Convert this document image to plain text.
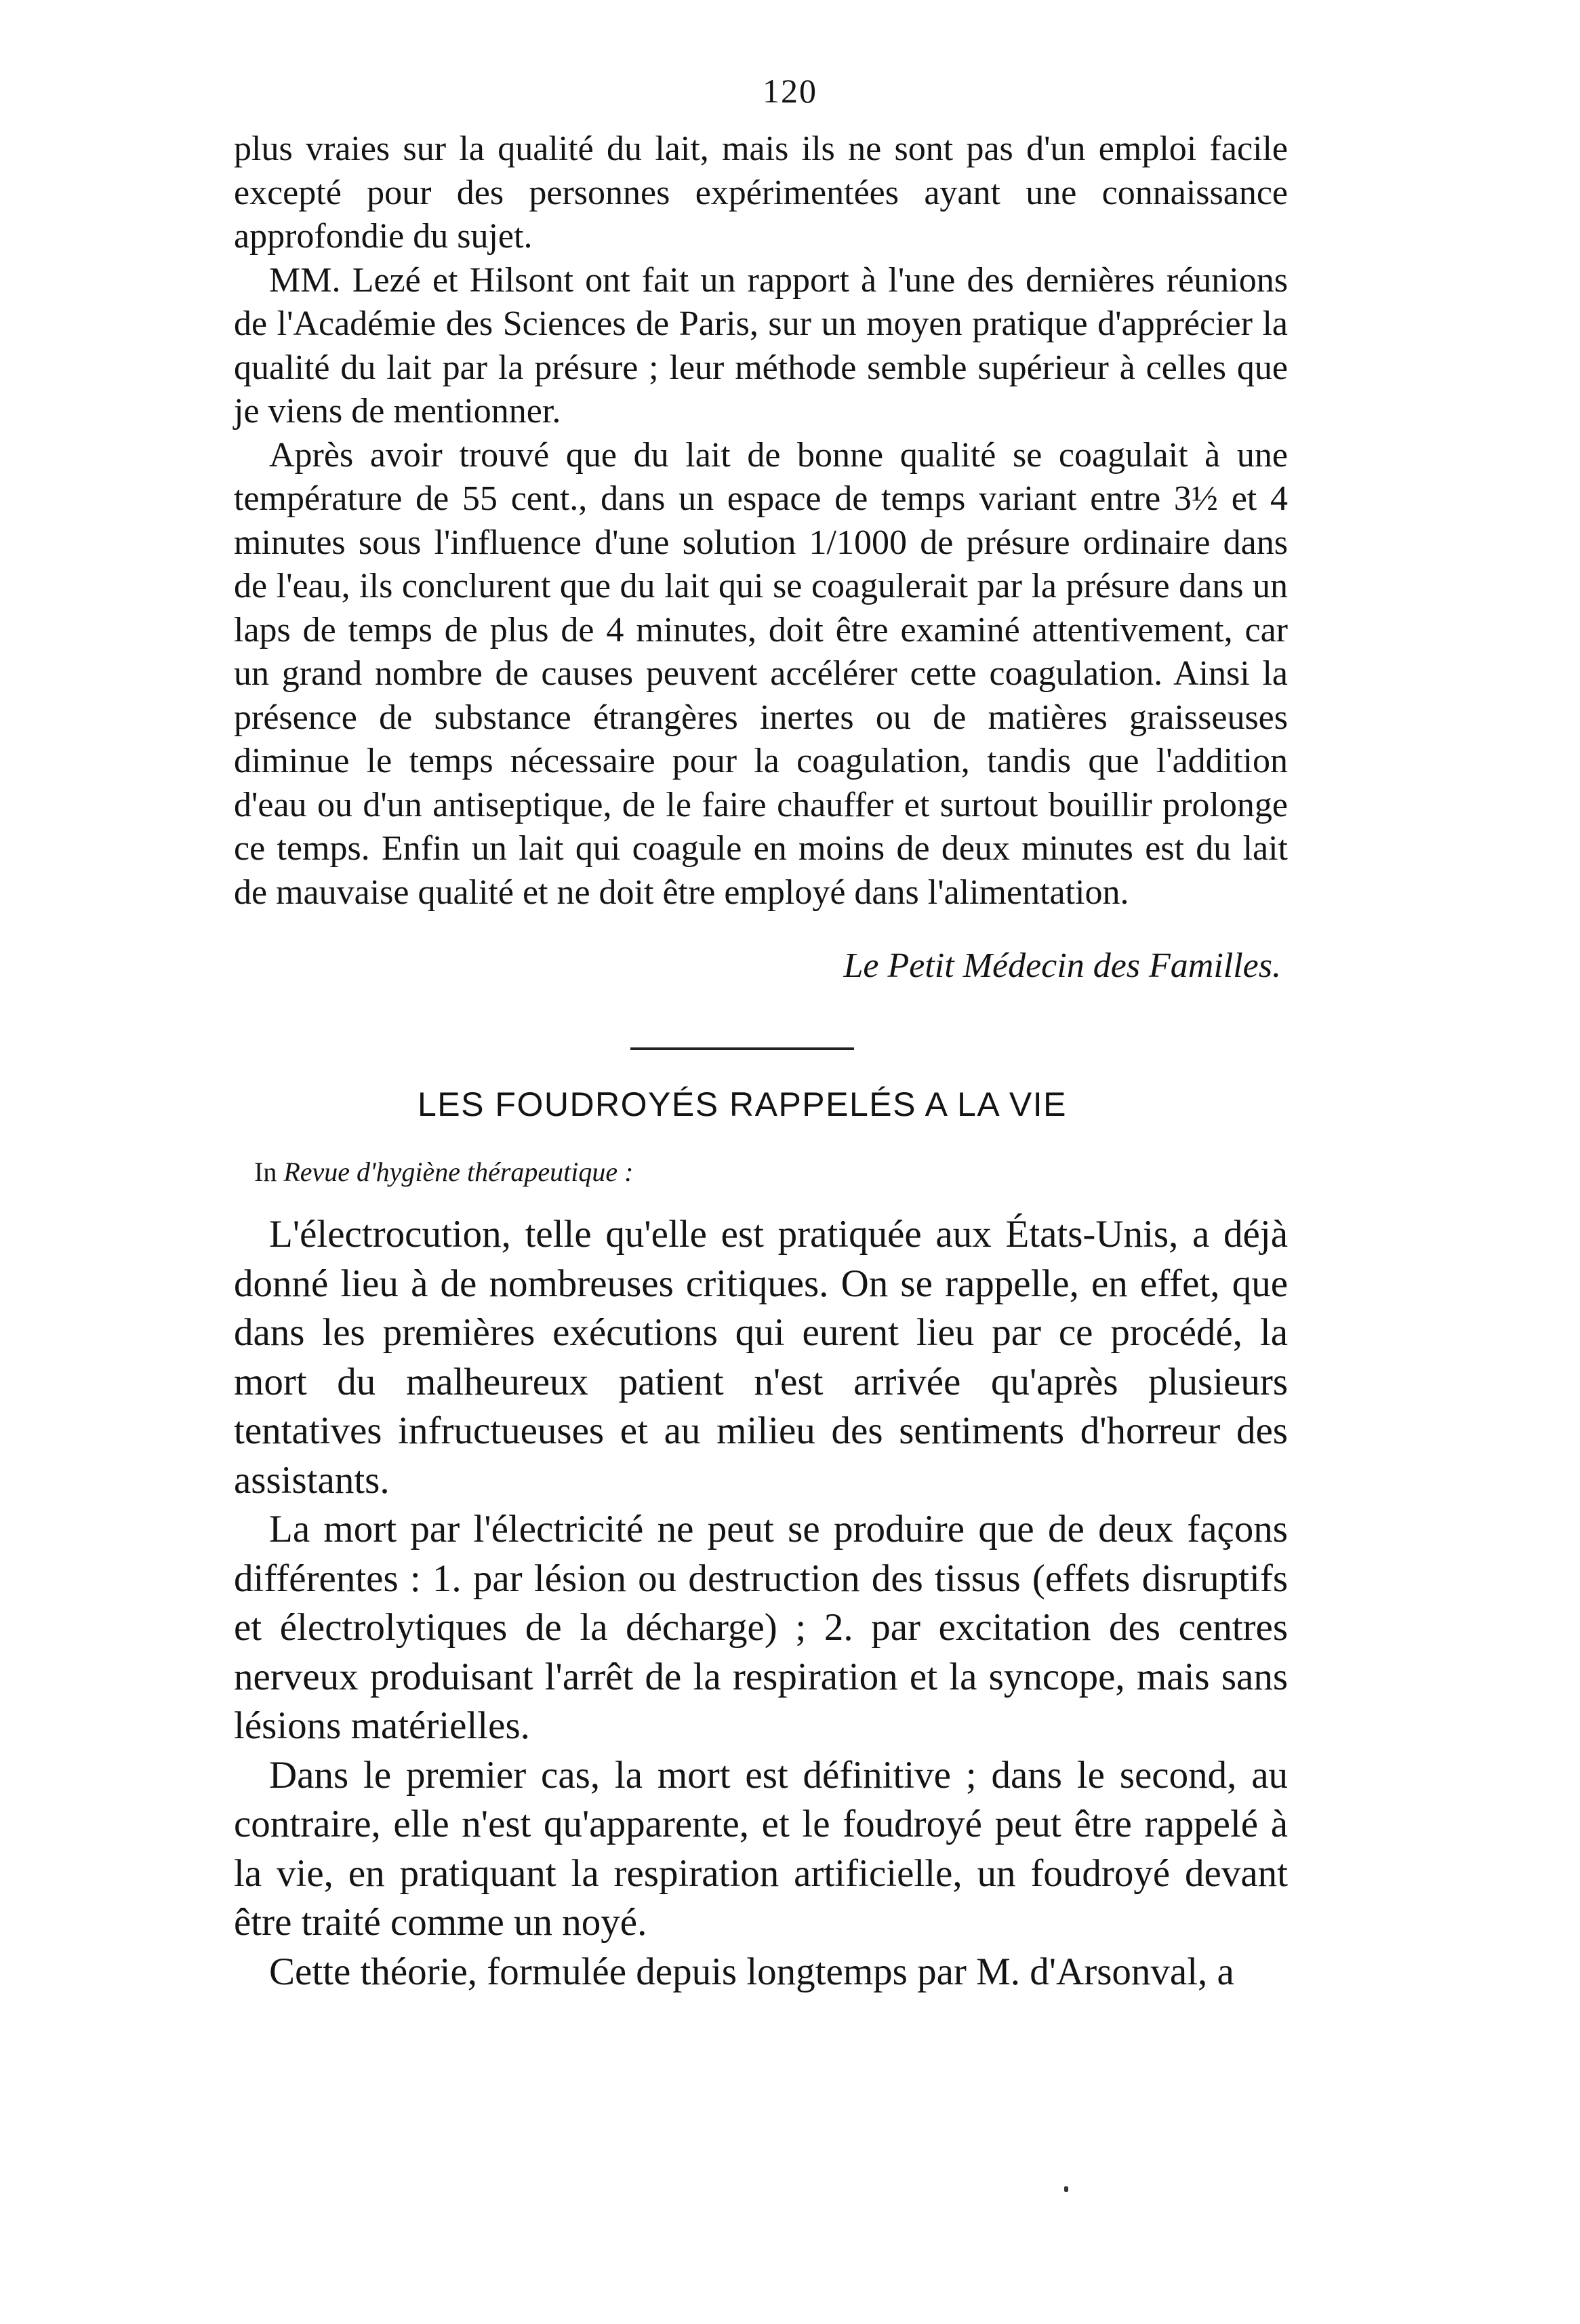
120

plus vraies sur la qualité du lait, mais ils ne sont pas d'un emploi facile excepté pour des personnes expérimentées ayant une connaissance approfondie du sujet.

MM. Lezé et Hilsont ont fait un rapport à l'une des dernières réunions de l'Académie des Sciences de Paris, sur un moyen pratique d'apprécier la qualité du lait par la présure ; leur méthode semble supérieur à celles que je viens de mentionner.

Après avoir trouvé que du lait de bonne qualité se coagulait à une température de 55 cent., dans un espace de temps variant entre 3½ et 4 minutes sous l'influence d'une solution 1/1000 de présure ordinaire dans de l'eau, ils conclurent que du lait qui se coagulerait par la présure dans un laps de temps de plus de 4 minutes, doit être examiné attentivement, car un grand nombre de causes peuvent accélérer cette coagulation. Ainsi la présence de substance étrangères inertes ou de matières graisseuses diminue le temps nécessaire pour la coagulation, tandis que l'addition d'eau ou d'un antiseptique, de le faire chauffer et surtout bouillir prolonge ce temps. Enfin un lait qui coagule en moins de deux minutes est du lait de mauvaise qualité et ne doit être employé dans l'alimentation.

Le Petit Médecin des Familles.
LES FOUDROYÉS RAPPELÉS A LA VIE
In Revue d'hygiène thérapeutique :

L'électrocution, telle qu'elle est pratiquée aux États-Unis, a déjà donné lieu à de nombreuses critiques. On se rappelle, en effet, que dans les premières exécutions qui eurent lieu par ce procédé, la mort du malheureux patient n'est arrivée qu'après plusieurs tentatives infructueuses et au milieu des sentiments d'horreur des assistants.

La mort par l'électricité ne peut se produire que de deux façons différentes : 1. par lésion ou destruction des tissus (effets disruptifs et électrolytiques de la décharge) ; 2. par excitation des centres nerveux produisant l'arrêt de la respiration et la syncope, mais sans lésions matérielles.

Dans le premier cas, la mort est définitive ; dans le second, au contraire, elle n'est qu'apparente, et le foudroyé peut être rappelé à la vie, en pratiquant la respiration artificielle, un foudroyé devant être traité comme un noyé.

Cette théorie, formulée depuis longtemps par M. d'Arsonval, a
